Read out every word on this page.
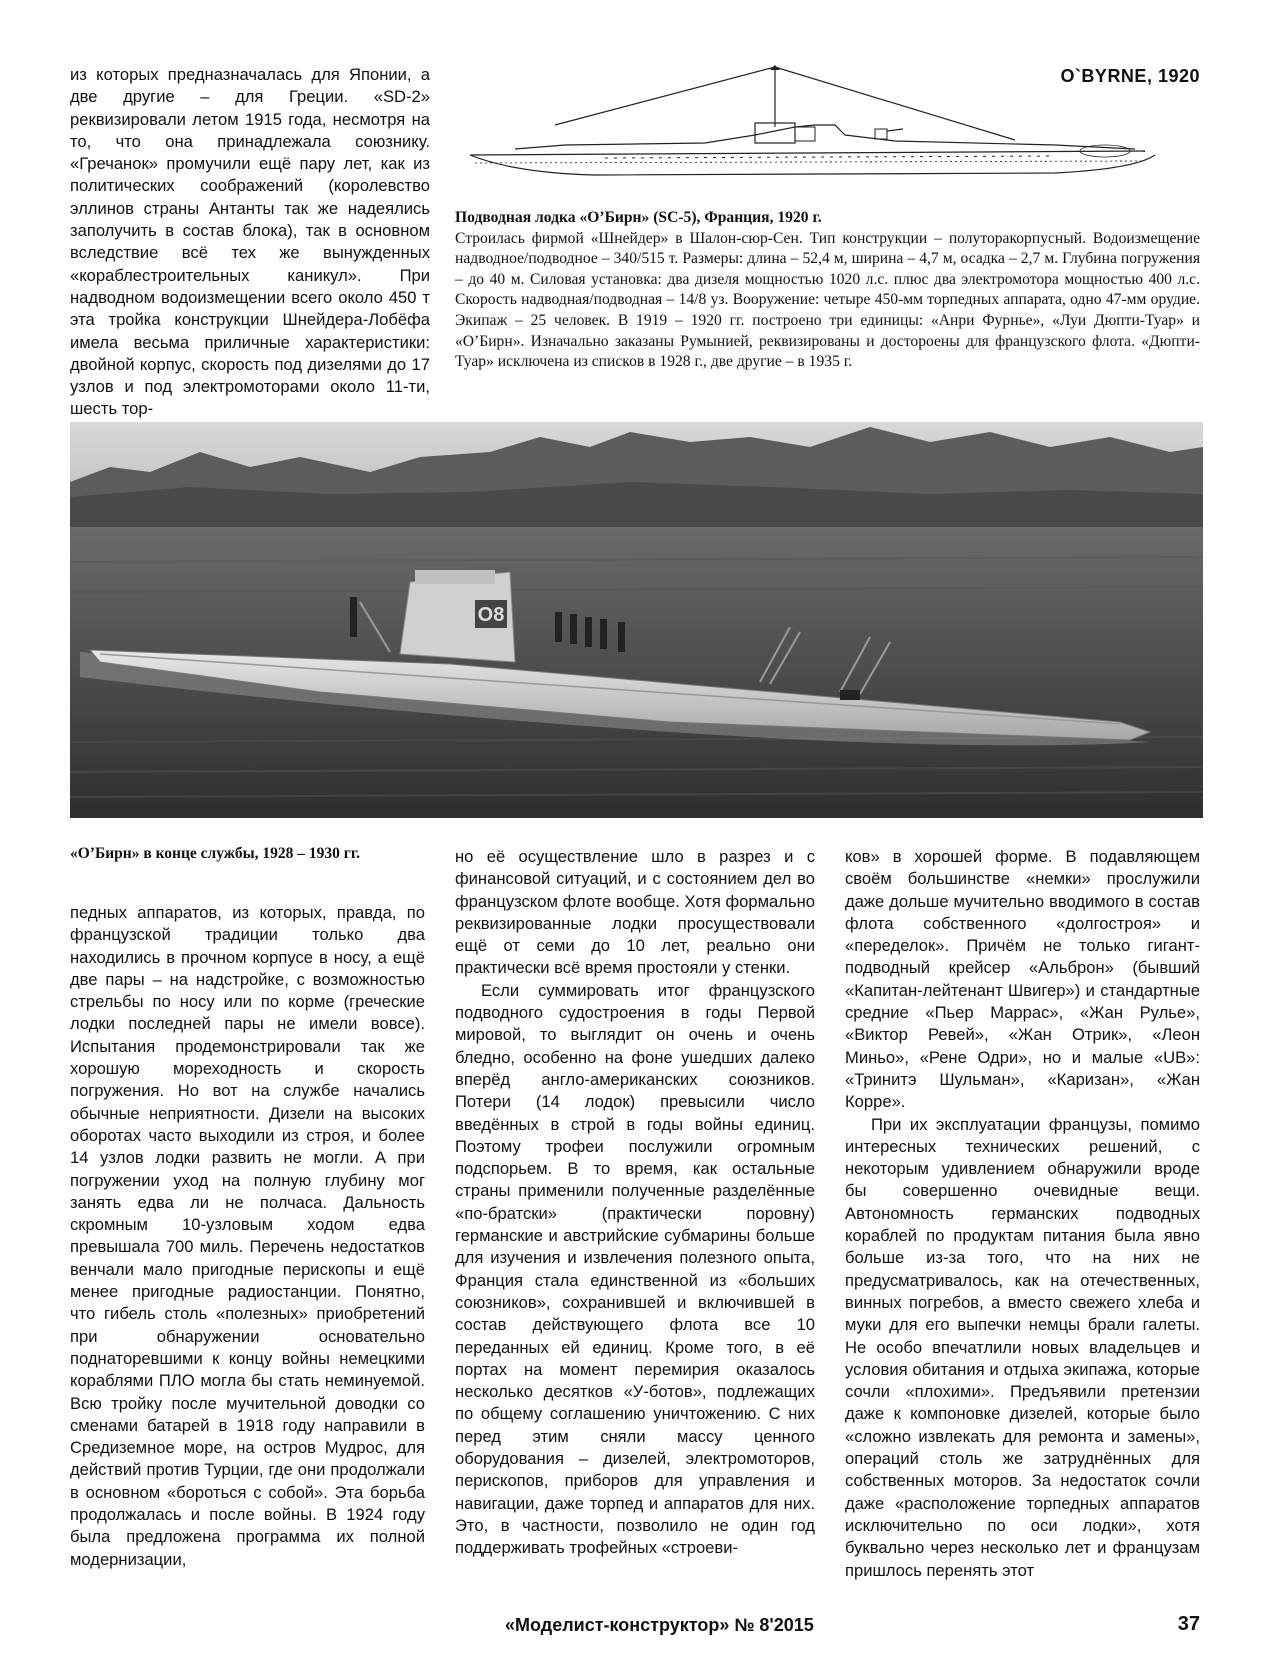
из которых предназначалась для Японии, а две другие – для Греции. «SD-2» реквизировали летом 1915 года, несмотря на то, что она принадлежала союзнику. «Гречанок» промучили ещё пару лет, как из политических соображений (королевство эллинов страны Антанты так же надеялись заполучить в состав блока), так в основном вследствие всё тех же вынужденных «кораблестроительных каникул». При надводном водоизмещении всего около 450 т эта тройка конструкции Шнейдера-Лобёфа имела весьма приличные характеристики: двойной корпус, скорость под дизелями до 17 узлов и под электромоторами около 11-ти, шесть тор-

O`BYRNE, 1920

Подводная лодка «О’Бирн» (SC-5), Франция, 1920 г.

Строилась фирмой «Шнейдер» в Шалон-сюр-Сен. Тип конструкции – полуторакорпусный. Водоизмещение надводное/подводное – 340/515 т. Размеры: длина – 52,4 м, ширина – 4,7 м, осадка – 2,7 м. Глубина погружения – до 40 м. Силовая установка: два дизеля мощностью 1020 л.с. плюс два электромотора мощностью 400 л.с. Скорость надводная/подводная – 14/8 уз. Вооружение: четыре 450-мм торпедных аппарата, одно 47-мм орудие. Экипаж – 25 человек. В 1919 – 1920 гг. построено три единицы: «Анри Фурнье», «Луи Дюпти-Туар» и «О’Бирн». Изначально заказаны Румынией, реквизированы и достороены для французского флота. «Дюпти-Туар» исключена из списков в 1928 г., две другие – в 1935 г.

O8
«О’Бирн» в конце службы, 1928 – 1930 гг.

педных аппаратов, из которых, правда, по французской традиции только два находились в прочном корпусе в носу, а ещё две пары – на надстройке, с возможностью стрельбы по носу или по корме (греческие лодки последней пары не имели вовсе). Испытания продемонстрировали так же хорошую мореходность и скорость погружения. Но вот на службе начались обычные неприятности. Дизели на высоких оборотах часто выходили из строя, и более 14 узлов лодки развить не могли. А при погружении уход на полную глубину мог занять едва ли не полчаса. Дальность скромным 10-узловым ходом едва превышала 700 миль. Перечень недостатков венчали мало пригодные перископы и ещё менее пригодные радиостанции. Понятно, что гибель столь «полезных» приобретений при обнаружении основательно поднаторевшими к концу войны немецкими кораблями ПЛО могла бы стать неминуемой. Всю тройку после мучительной доводки со сменами батарей в 1918 году направили в Средиземное море, на остров Мудрос, для действий против Турции, где они продолжали в основном «бороться с собой». Эта борьба продолжалась и после войны. В 1924 году была предложена программа их полной модернизации,

но её осуществление шло в разрез и с финансовой ситуаций, и с состоянием дел во французском флоте вообще. Хотя формально реквизированные лодки просуществовали ещё от семи до 10 лет, реально они практически всё время простояли у стенки.

Если суммировать итог французского подводного судостроения в годы Первой мировой, то выглядит он очень и очень бледно, особенно на фоне ушедших далеко вперёд англо-американских союзников. Потери (14 лодок) превысили число введённых в строй в годы войны единиц. Поэтому трофеи послужили огромным подспорьем. В то время, как остальные страны применили полученные разделённые «по-братски» (практически поровну) германские и австрийские субмарины больше для изучения и извлечения полезного опыта, Франция стала единственной из «больших союзников», сохранившей и включившей в состав действующего флота все 10 переданных ей единиц. Кроме того, в её портах на момент перемирия оказалось несколько десятков «У-ботов», подлежащих по общему соглашению уничтожению. С них перед этим сняли массу ценного оборудования – дизелей, электромоторов, перископов, приборов для управления и навигации, даже торпед и аппаратов для них. Это, в частности, позволило не один год поддерживать трофейных «строеви-

ков» в хорошей форме. В подавляющем своём большинстве «немки» прослужили даже дольше мучительно вводимого в состав флота собственного «долгостроя» и «переделок». Причём не только гигант-подводный крейсер «Альброн» (бывший «Капитан-лейтенант Швигер») и стандартные средние «Пьер Маррас», «Жан Рулье», «Виктор Ревей», «Жан Отрик», «Леон Миньо», «Рене Одри», но и малые «UB»: «Тринитэ Шульман», «Каризан», «Жан Корре».

При их эксплуатации французы, помимо интересных технических решений, с некоторым удивлением обнаружили вроде бы совершенно очевидные вещи. Автономность германских подводных кораблей по продуктам питания была явно больше из-за того, что на них не предусматривалось, как на отечественных, винных погребов, а вместо свежего хлеба и муки для его выпечки немцы брали галеты. Не особо впечатлили новых владельцев и условия обитания и отдыха экипажа, которые сочли «плохими». Предъявили претензии даже к компоновке дизелей, которые было «сложно извлекать для ремонта и замены», операций столь же затруднённых для собственных моторов. За недостаток сочли даже «расположение торпедных аппаратов исключительно по оси лодки», хотя буквально через несколько лет и французам пришлось перенять этот

«Моделист-конструктор» № 8'2015	37
